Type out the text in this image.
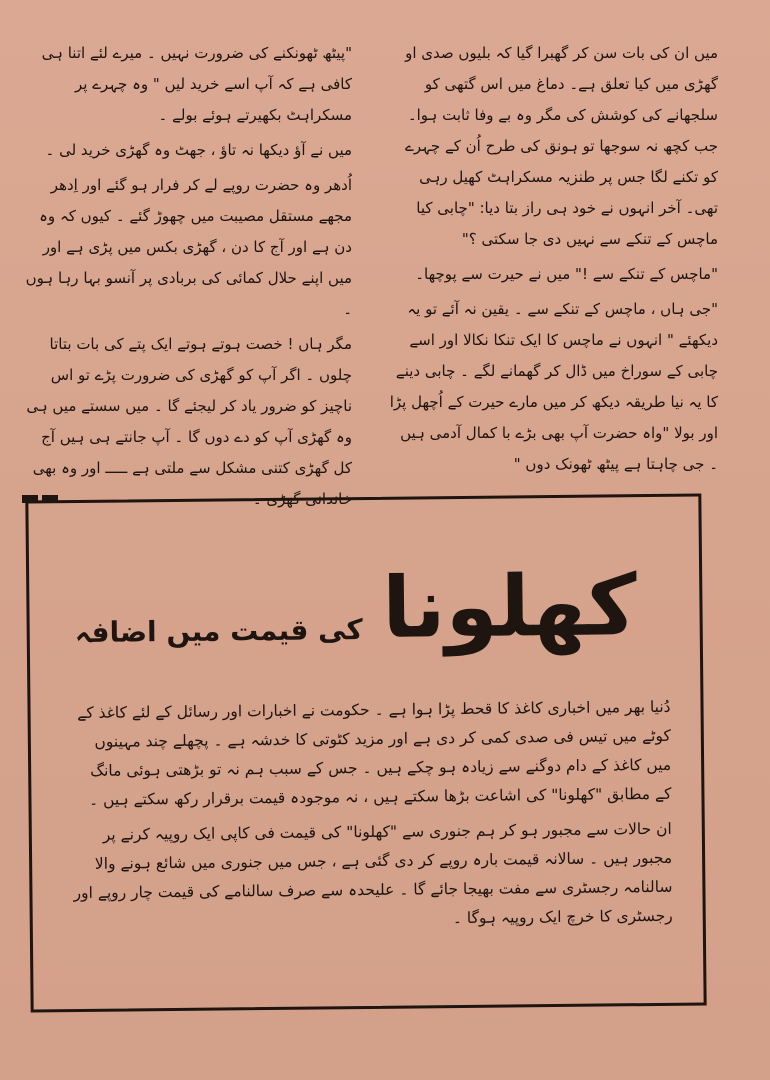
میں ان کی بات سن کر گھبرا گیا کہ بلیوں صدی او گھڑی میں کیا تعلق ہے۔ دماغ میں اس گتھی کو سلجھانے کی کوشش کی مگر وہ بے وفا ثابت ہوا۔ جب کچھ نہ سوجھا تو ہونق کی طرح اُن کے چہرے کو تکنے لگا جس پر طنزیہ مسکراہٹ کھیل رہی تھی۔ آخر انہوں نے خود ہی راز بتا دیا: "چابی کیا ماچس کے تنکے سے نہیں دی جا سکتی ؟"

"ماچس کے تنکے سے !" میں نے حیرت سے پوچھا۔

"جی ہاں ، ماچس کے تنکے سے ۔ یقین نہ آئے تو یہ دیکھئے " انہوں نے ماچس کا ایک تنکا نکالا اور اسے چابی کے سوراخ میں ڈال کر گھمانے لگے ۔ چابی دینے کا یہ نیا طریقہ دیکھ کر میں مارے حیرت کے اُچھل پڑا اور بولا "واہ حضرت آپ بھی بڑے با کمال آدمی ہیں ۔ جی چاہتا ہے پیٹھ ٹھونک دوں "

"پیٹھ ٹھونکنے کی ضرورت نہیں ۔ میرے لئے اتنا ہی کافی ہے کہ آپ اسے خرید لیں " وہ چہرے پر مسکراہٹ بکھیرتے ہوئے بولے ۔

میں نے آؤ دیکھا نہ تاؤ ، جھٹ وہ گھڑی خرید لی ۔

اُدھر وہ حضرت روپے لے کر فرار ہو گئے اور اِدھر مجھے مستقل مصیبت میں چھوڑ گئے ۔ کیوں کہ وہ دن ہے اور آج کا دن ، گھڑی بکس میں پڑی ہے اور میں اپنے حلال کمائی کی بربادی پر آنسو بہا رہا ہوں ۔

مگر ہاں ! خصت ہوتے ہوتے ایک پتے کی بات بتاتا چلوں ۔ اگر آپ کو گھڑی کی ضرورت پڑے تو اس ناچیز کو ضرور یاد کر لیجئے گا ۔ میں سستے میں ہی وہ گھڑی آپ کو دے دوں گا ۔ آپ جانتے ہی ہیں آج کل گھڑی کتنی مشکل سے ملتی ہے ـــــ اور وہ بھی خاندانی گھڑی ۔

کھلونا
کی قیمت میں اضافہ

دُنیا بھر میں اخباری کاغذ کا قحط پڑا ہوا ہے ۔ حکومت نے اخبارات اور رسائل کے لئے کاغذ کے کوٹے میں تیس فی صدی کمی کر دی ہے اور مزید کٹوتی کا خدشہ ہے ۔ پچھلے چند مہینوں میں کاغذ کے دام دوگنے سے زیادہ ہو چکے ہیں ۔ جس کے سبب ہم نہ تو بڑھتی ہوئی مانگ کے مطابق "کھلونا" کی اشاعت بڑھا سکتے ہیں ، نہ موجودہ قیمت برقرار رکھ سکتے ہیں ۔

ان حالات سے مجبور ہو کر ہم جنوری سے "کھلونا" کی قیمت فی کاپی ایک روپیہ کرنے پر مجبور ہیں ۔ سالانہ قیمت بارہ روپے کر دی گئی ہے ، جس میں جنوری میں شائع ہونے والا سالنامہ رجسٹری سے مفت بھیجا جائے گا ۔ علیحدہ سے صرف سالنامے کی قیمت چار روپے اور رجسٹری کا خرچ ایک روپیہ ہوگا ۔
